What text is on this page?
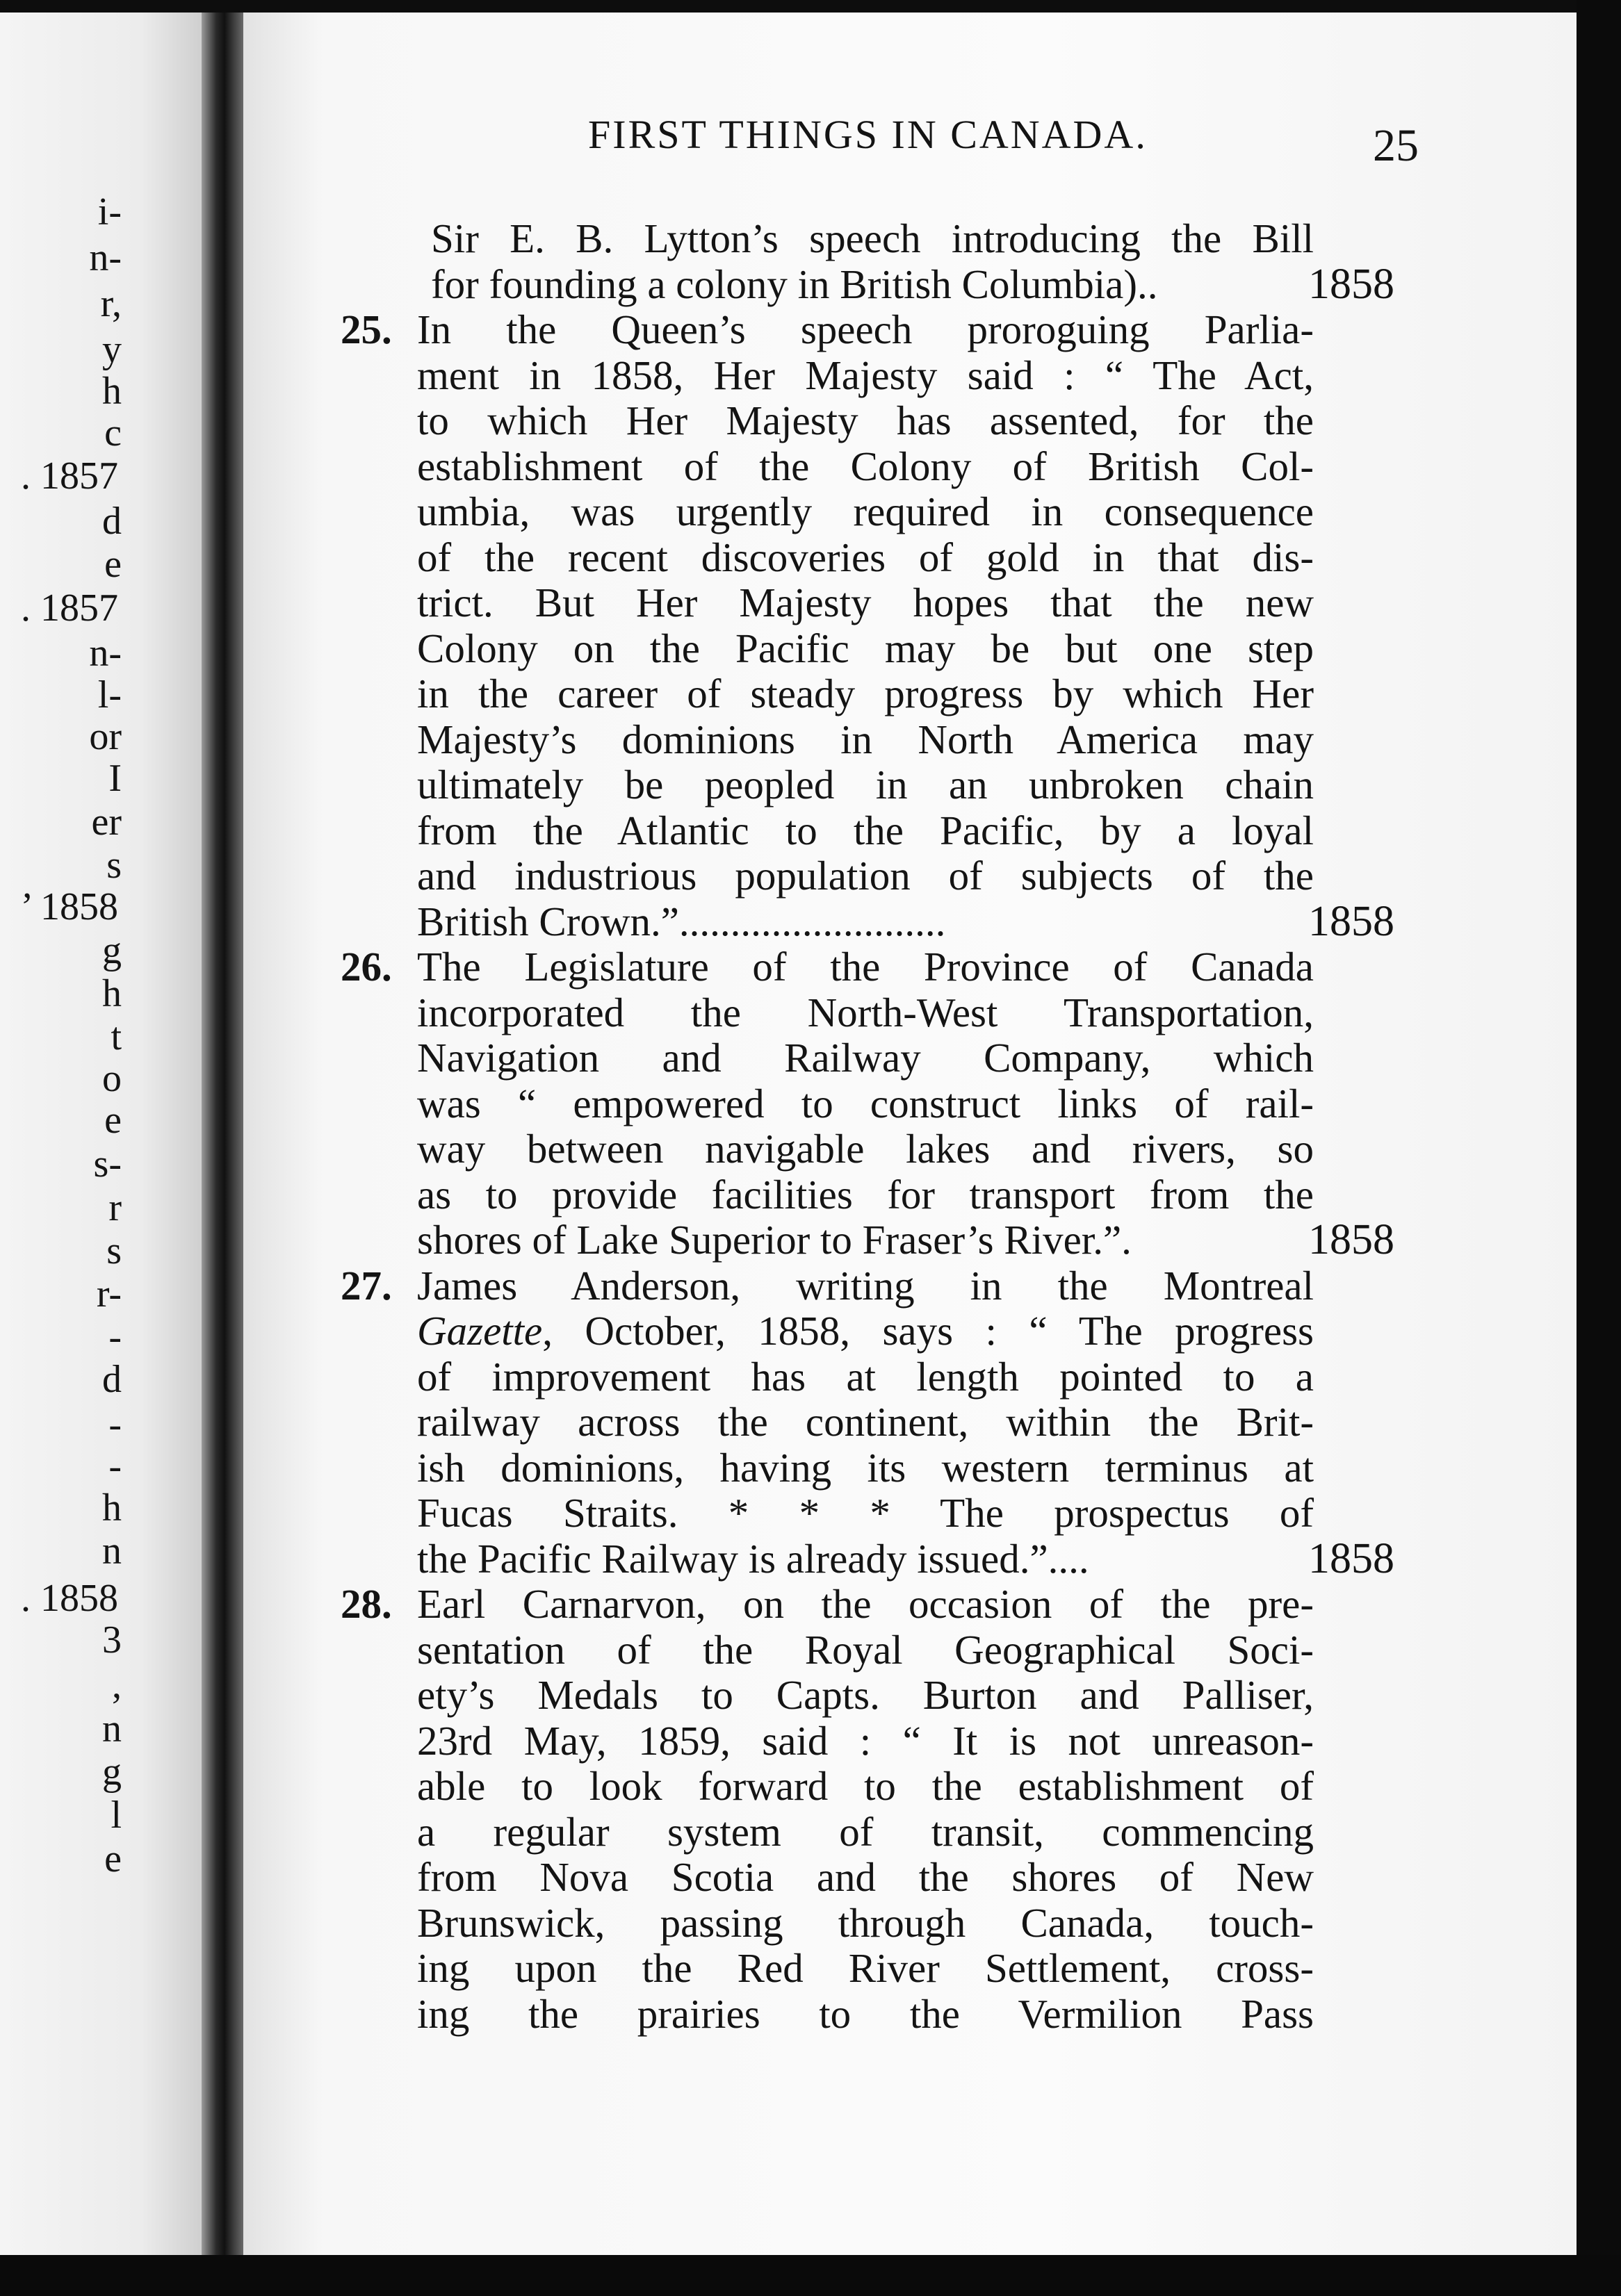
i-
n-
r,
y
h
c
. 1857
d
e
. 1857
n-
l-
or
I
er
s
’ 1858
g
h
t
o
e
s-
r
s
r-
-
d
-
-
h
n
. 1858
3
,
n
g
l
e
FIRST THINGS IN CANADA.	25
Sir E. B. Lytton’s speech introducing the Bill
for founding a colony in British Columbia)..	1858
25. In the Queen’s speech proroguing Parlia-
ment in 1858, Her Majesty said : “ The Act,
to which Her Majesty has assented, for the
establishment of the Colony of British Col-
umbia, was urgently required in consequence
of the recent discoveries of gold in that dis-
trict. But Her Majesty hopes that the new
Colony on the Pacific may be but one step
in the career of steady progress by which Her
Majesty’s dominions in North America may
ultimately be peopled in an unbroken chain
from the Atlantic to the Pacific, by a loyal
and industrious population of subjects of the
British Crown.”..........................	1858
26. The Legislature of the Province of Canada
incorporated the North-West Transportation,
Navigation and Railway Company, which
was “ empowered to construct links of rail-
way between navigable lakes and rivers, so
as to provide facilities for transport from the
shores of Lake Superior to Fraser’s River.”.	1858
27. James Anderson, writing in the Montreal
Gazette, October, 1858, says : “ The progress
of improvement has at length pointed to a
railway across the continent, within the Brit-
ish dominions, having its western terminus at
Fucas Straits. * * * The prospectus of
the Pacific Railway is already issued.”....	1858
28. Earl Carnarvon, on the occasion of the pre-
sentation of the Royal Geographical Soci-
ety’s Medals to Capts. Burton and Palliser,
23rd May, 1859, said : “ It is not unreason-
able to look forward to the establishment of
a regular system of transit, commencing
from Nova Scotia and the shores of New
Brunswick, passing through Canada, touch-
ing upon the Red River Settlement, cross-
ing the prairies to the Vermilion Pass
